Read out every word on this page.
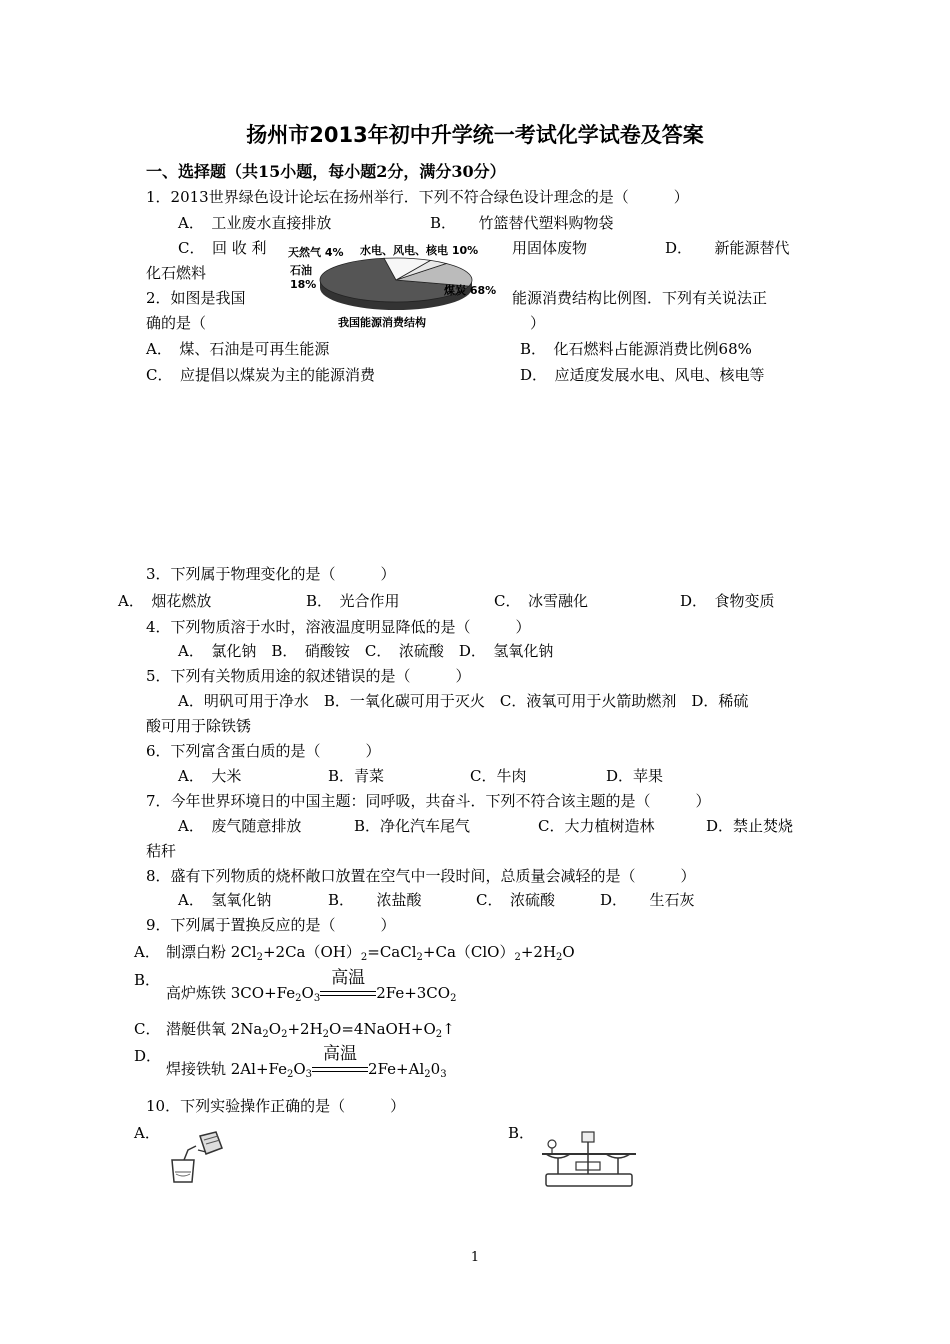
扬州市2013年初中升学统一考试化学试卷及答案
一、选择题（共15小题，每小题2分，满分30分）
1．2013世界绿色设计论坛在扬州举行．下列不符合绿色设计理念的是（　　　）
A．　工业废水直接排放	B．　　竹篮替代塑料购物袋
C．　回 收 利	用固体废物	D．　　新能源替代
化石燃料
2．如图是我国	能源消费结构比例图．下列有关说法正
确的是（	）
天然气 4% 水电、风电、核电 10%
石油
18%	煤炭 68%
我国能源消费结构
A．　煤、石油是可再生能源	B．　化石燃料占能源消费比例68%
C．　应提倡以煤炭为主的能源消费	D．　应适度发展水电、风电、核电等
3．下列属于物理变化的是（　　　）
A．　烟花燃放	B．　光合作用	C．　冰雪融化	D．　食物变质
4．下列物质溶于水时，溶液温度明显降低的是（　　　）
A．　氯化钠　B．　硝酸铵　C．　浓硫酸　D．　氢氧化钠
5．下列有关物质用途的叙述错误的是（　　　）
A．明矾可用于净水　B．一氧化碳可用于灭火　C．液氧可用于火箭助燃剂　D．稀硫
酸可用于除铁锈
6．下列富含蛋白质的是（　　　）
A．　大米	B．青菜	C．牛肉	D．苹果
7．今年世界环境日的中国主题：同呼吸，共奋斗．下列不符合该主题的是（　　　）
A．　废气随意排放	B．净化汽车尾气	C．大力植树造林	D．禁止焚烧
秸秆
8．盛有下列物质的烧杯敞口放置在空气中一段时间，总质量会减轻的是（　　　）
A．　氢氧化钠	B．　　浓盐酸	C．　浓硫酸	D．　　生石灰
9．下列属于置换反应的是（　　　）
A． 制漂白粉 $2Cl_2+2Ca(OH)_2=CaCl_2+Ca(ClO)_2+2H_2O$
B．
高炉炼铁 $3CO+Fe_2O_3$
高温
$2Fe+3CO_2$
C． 潜艇供氧 $2Na_2O_2+2H_2O=4NaOH+O_2↑$
D．
焊接铁轨 $2Al+Fe_2O_3$
高温
$2Fe+Al_20_3$
10．下列实验操作正确的是（　　　）
A．	B．
1
